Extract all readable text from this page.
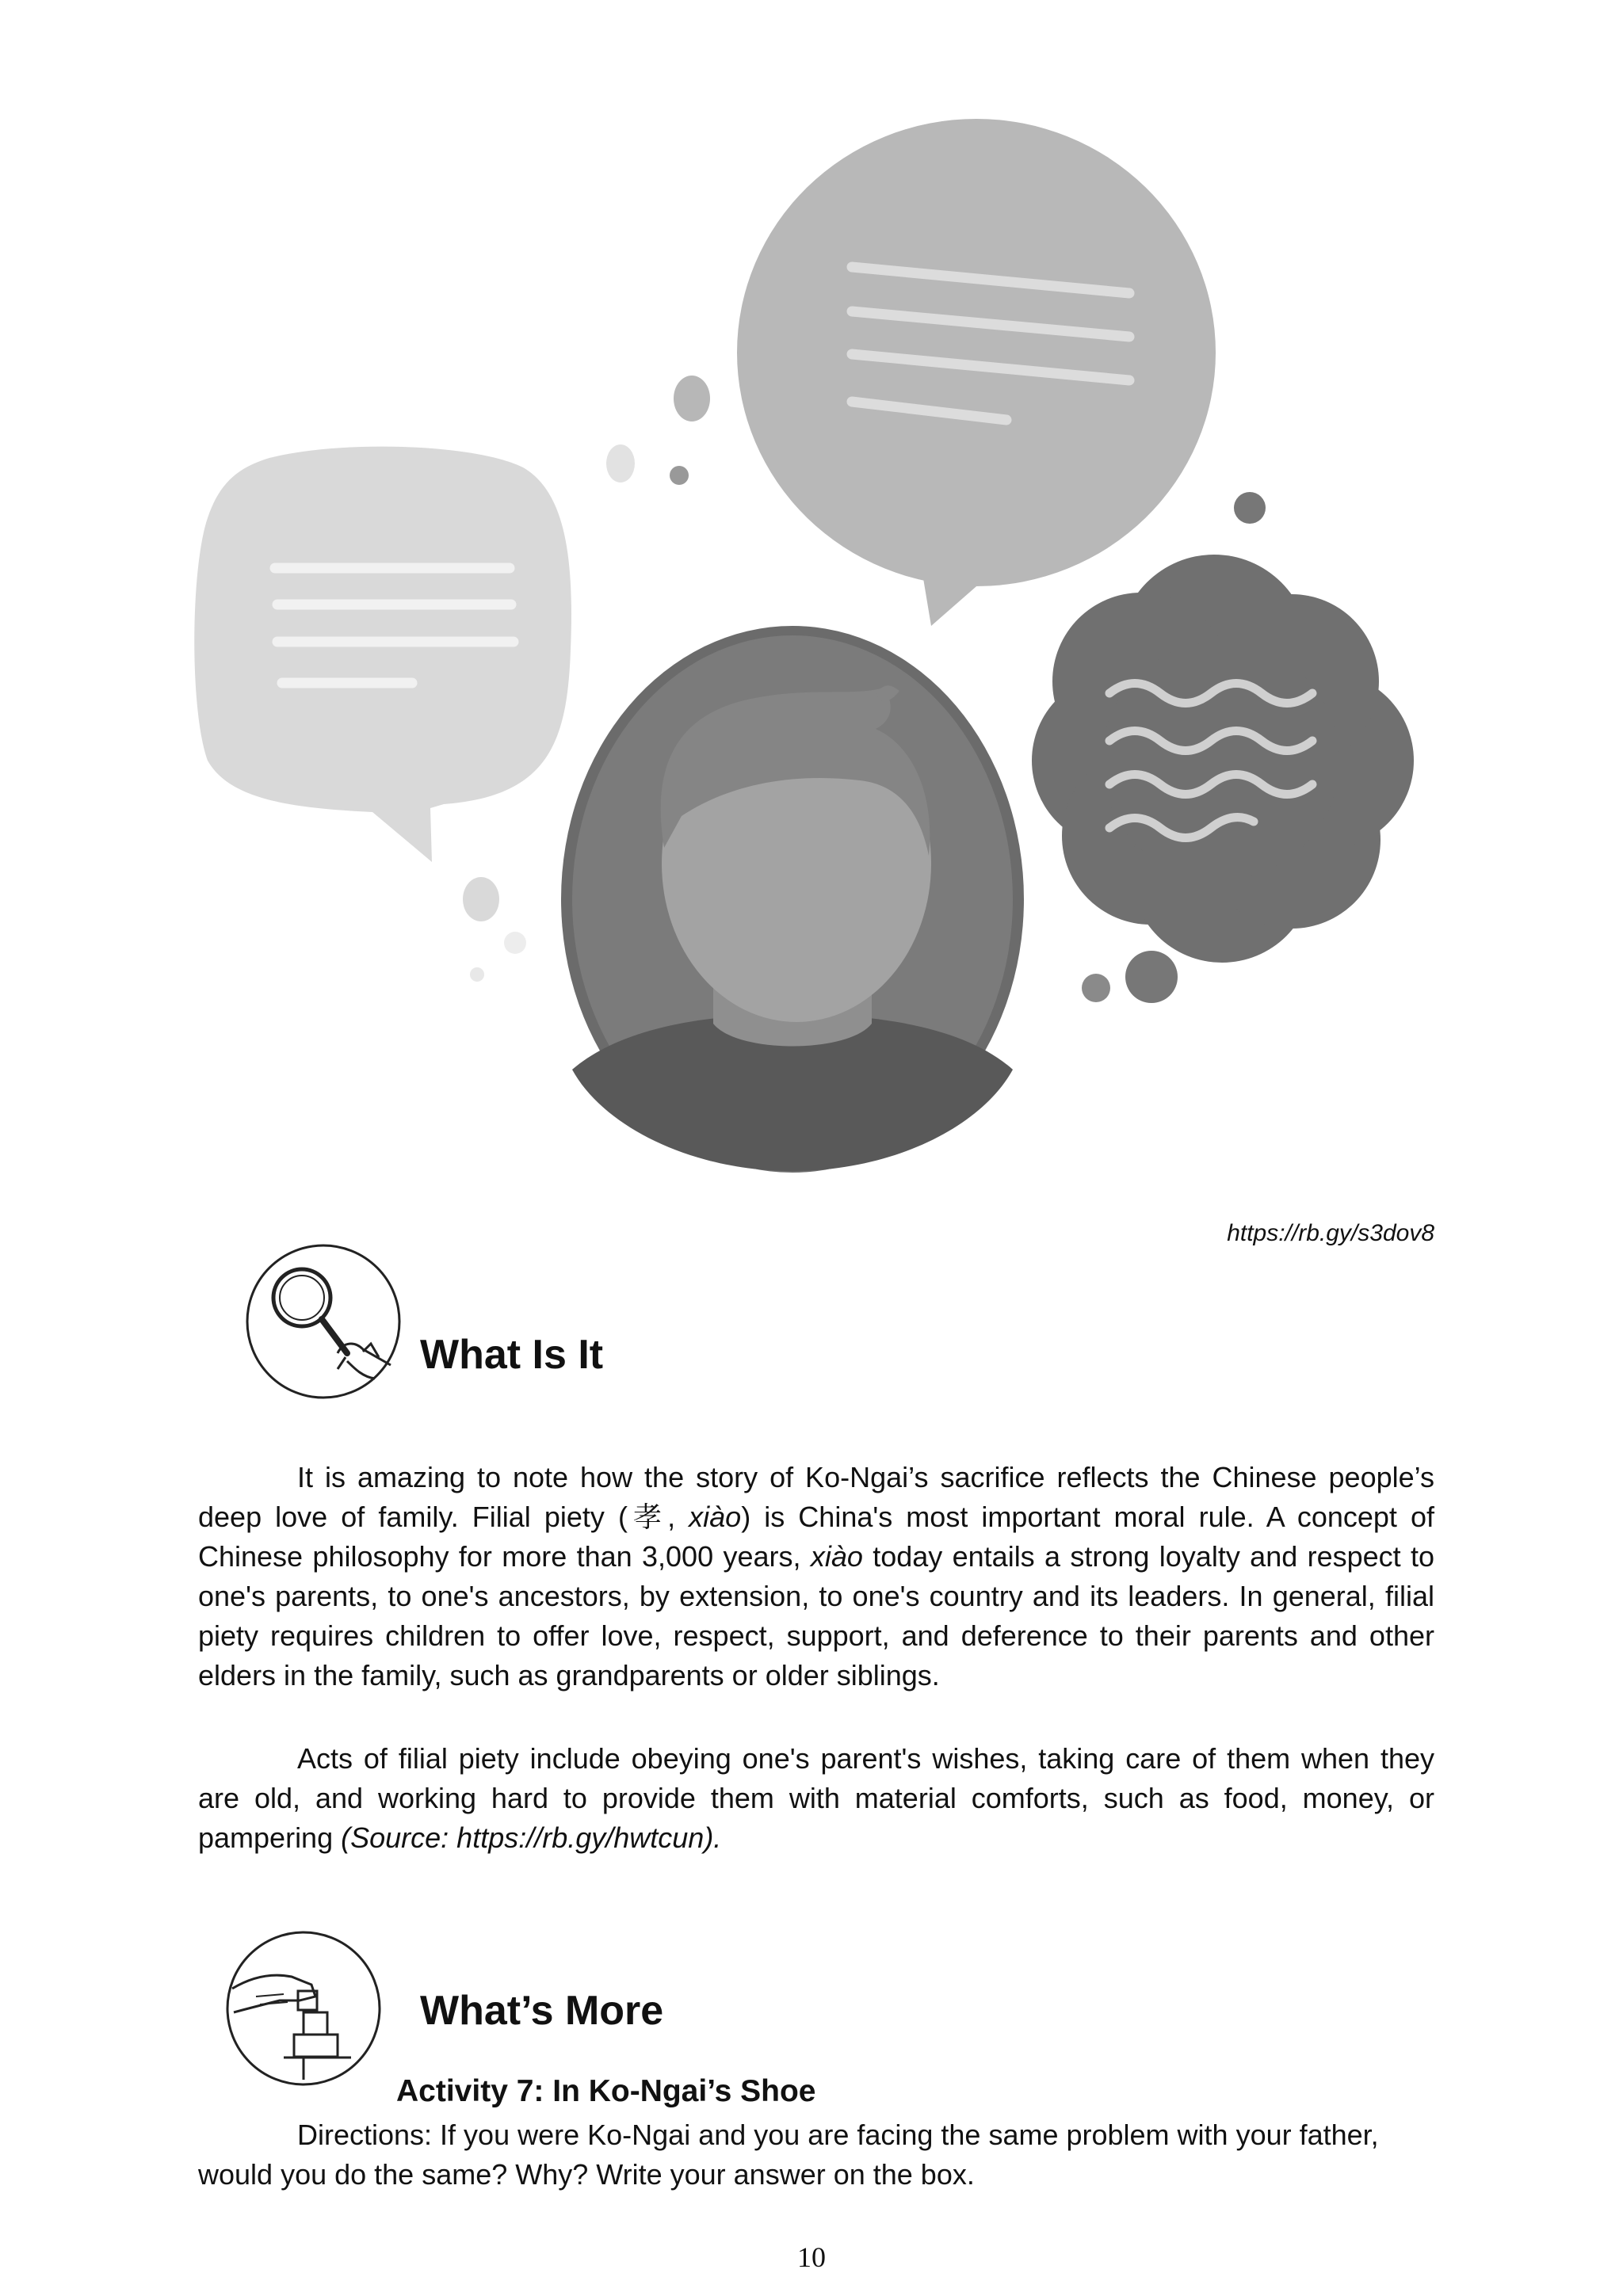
https://rb.gy/s3dov8
What Is It

It is amazing to note how the story of Ko-Ngai’s sacrifice reflects the Chinese people’s deep love of family. Filial piety (孝, xiào) is China's most important moral rule. A concept of Chinese philosophy for more than 3,000 years, xiào today entails a strong loyalty and respect to one's parents, to one's ancestors, by extension, to one's country and its leaders. In general, filial piety requires children to offer love, respect, support, and deference to their parents and other elders in the family, such as grandparents or older siblings.

Acts of filial piety include obeying one's parent's wishes, taking care of them when they are old, and working hard to provide them with material comforts, such as food, money, or pampering (Source: https://rb.gy/hwtcun).

What’s More
Activity 7: In Ko-Ngai’s Shoe

Directions: If you were Ko-Ngai and you are facing the same problem with your father, would you do the same? Why? Write your answer on the box.

10
